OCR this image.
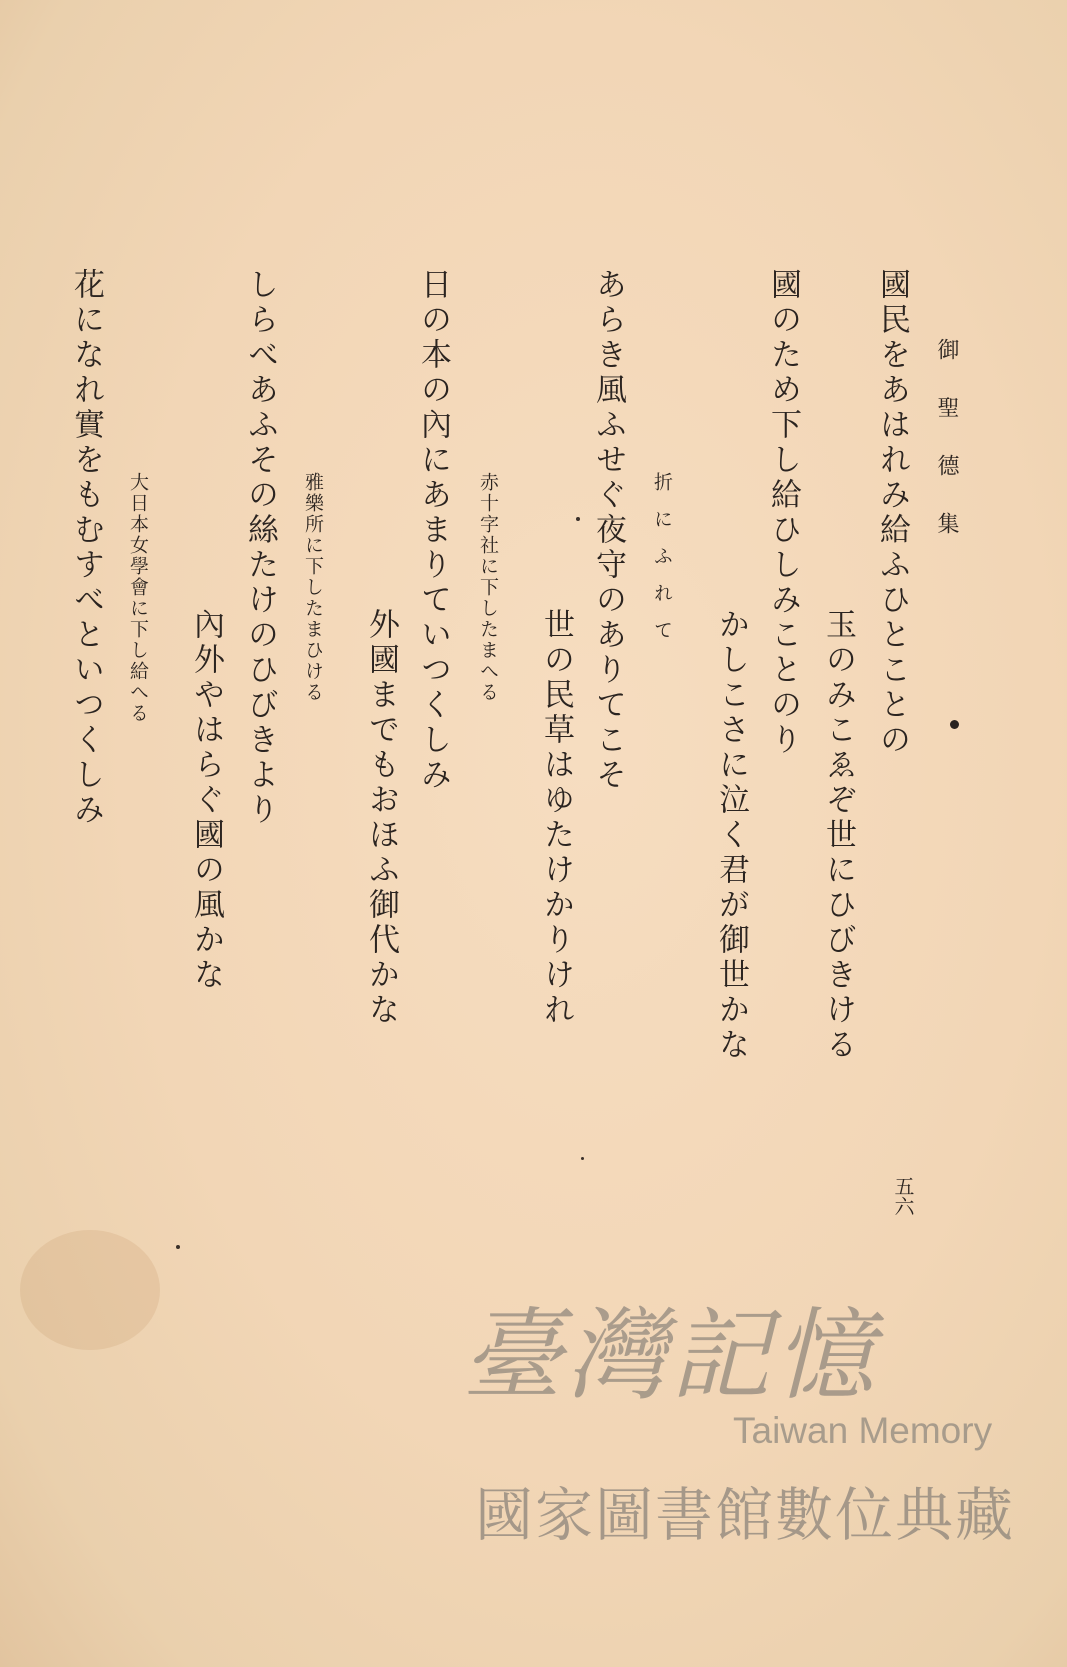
御聖德集
國民をあはれみ給ふひとことの
玉のみこゑぞ世にひびきける
國のため下し給ひしみことのり
かしこさに泣く君が御世かな
折にふれて
あらき風ふせぐ夜守のありてこそ
世の民草はゆたけかりけれ
赤十字社に下したまへる
日の本の內にあまりていつくしみ
外國までもおほふ御代かな
雅樂所に下したまひける
しらべあふその絲たけのひびきより
內外やはらぐ國の風かな
大日本女學會に下し給へる
花になれ實をもむすべといつくしみ
五六
臺灣記憶
Taiwan Memory
國家圖書館數位典藏
